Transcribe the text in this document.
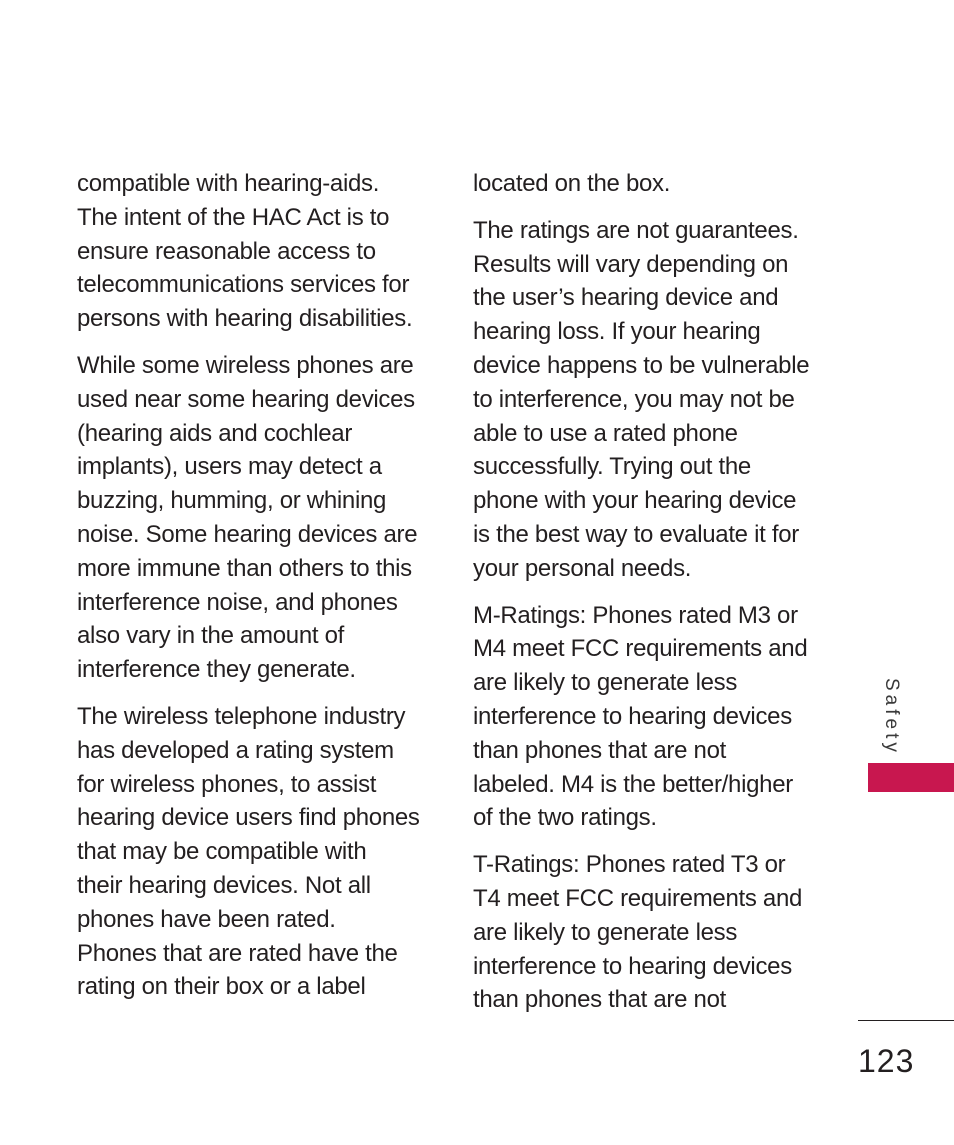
compatible with hearing-aids.
The intent of the HAC Act is to
ensure reasonable access to
telecommunications services for
persons with hearing disabilities.

While some wireless phones are
used near some hearing devices
(hearing aids and cochlear
implants), users may detect a
buzzing, humming, or whining
noise. Some hearing devices are
more immune than others to this
interference noise, and phones
also vary in the amount of
interference they generate.

The wireless telephone industry
has developed a rating system
for wireless phones, to assist
hearing device users find phones
that may be compatible with
their hearing devices. Not all
phones have been rated.
Phones that are rated have the
rating on their box or a label

located on the box.

The ratings are not guarantees.
Results will vary depending on
the user’s hearing device and
hearing loss. If your hearing
device happens to be vulnerable
to interference, you may not be
able to use a rated phone
successfully. Trying out the
phone with your hearing device
is the best way to evaluate it for
your personal needs.

M-Ratings: Phones rated M3 or
M4 meet FCC requirements and
are likely to generate less
interference to hearing devices
than phones that are not
labeled. M4 is the better/higher
of the two ratings.

T-Ratings: Phones rated T3 or
T4 meet FCC requirements and
are likely to generate less
interference to hearing devices
than phones that are not

Safety
123
